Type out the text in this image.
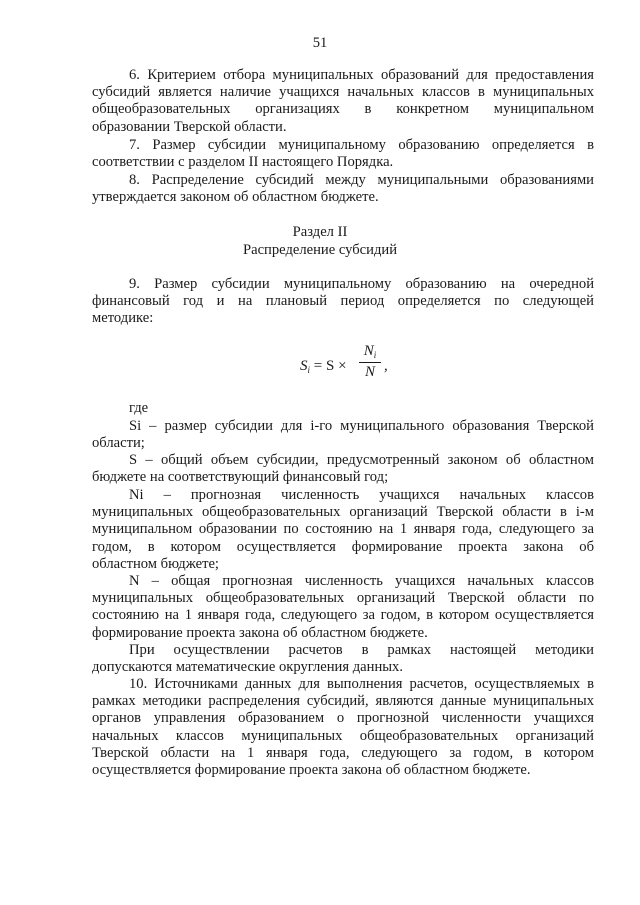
51
6. Критерием отбора муниципальных образований для предоставления
субсидий является наличие учащихся начальных классов в муниципальных
общеобразовательных организациях в конкретном муниципальном
образовании Тверской области.
7. Размер субсидии муниципальному образованию определяется в
соответствии с разделом II настоящего Порядка.
8. Распределение субсидий между муниципальными образованиями
утверждается законом об областном бюджете.
Раздел II
Распределение субсидий
9. Размер субсидии муниципальному образованию на очередной
финансовый год и на плановый период определяется по следующей
методике:
$S_i = S$ ×
$N_i$
N ,
где
Si – размер субсидии для i-го муниципального образования Тверской
области;
S – общий объем субсидии, предусмотренный законом об областном
бюджете на соответствующий финансовый год;
Ni – прогнозная численность учащихся начальных классов
муниципальных общеобразовательных организаций Тверской области в i-м
муниципальном образовании по состоянию на 1 января года, следующего за
годом, в котором осуществляется формирование проекта закона об
областном бюджете;
N – общая прогнозная численность учащихся начальных классов
муниципальных общеобразовательных организаций Тверской области по
состоянию на 1 января года, следующего за годом, в котором осуществляется
формирование проекта закона об областном бюджете.
При осуществлении расчетов в рамках настоящей методики
допускаются математические округления данных.
10. Источниками данных для выполнения расчетов, осуществляемых в
рамках методики распределения субсидий, являются данные муниципальных
органов управления образованием о прогнозной численности учащихся
начальных классов муниципальных общеобразовательных организаций
Тверской области на 1 января года, следующего за годом, в котором
осуществляется формирование проекта закона об областном бюджете.
